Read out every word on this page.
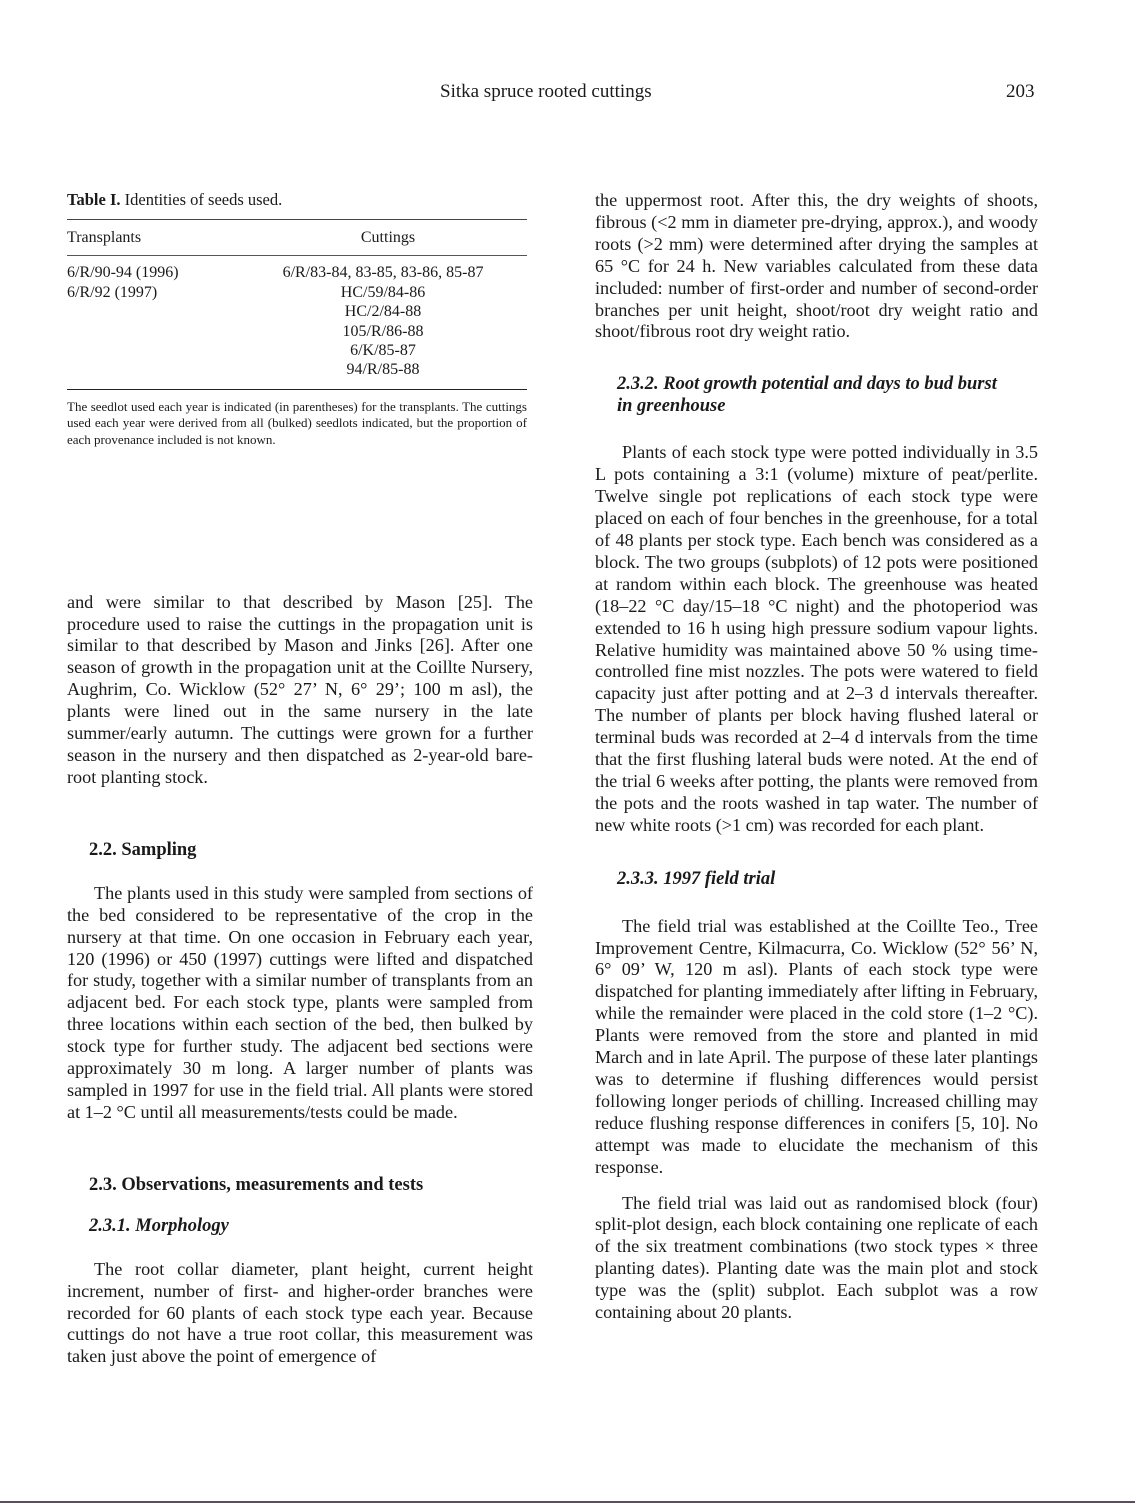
Sitka spruce rooted cuttings	203
Table I. Identities of seeds used.
Transplants	Cuttings
6/R/90-94 (1996)	6/R/83-84, 83-85, 83-86, 85-87
6/R/92 (1997)	HC/59/84-86
	HC/2/84-88
	105/R/86-88
	6/K/85-87
	94/R/85-88
The seedlot used each year is indicated (in parentheses) for the transplants. The cuttings used each year were derived from all (bulked) seedlots indicated, but the proportion of each provenance included is not known.

and were similar to that described by Mason [25]. The procedure used to raise the cuttings in the propagation unit is similar to that described by Mason and Jinks [26]. After one season of growth in the propagation unit at the Coillte Nursery, Aughrim, Co. Wicklow (52° 27’ N, 6° 29’; 100 m asl), the plants were lined out in the same nursery in the late summer/early autumn. The cuttings were grown for a further season in the nursery and then dispatched as 2-year-old bare-root planting stock.

2.2. Sampling

The plants used in this study were sampled from sections of the bed considered to be representative of the crop in the nursery at that time. On one occasion in February each year, 120 (1996) or 450 (1997) cuttings were lifted and dispatched for study, together with a similar number of transplants from an adjacent bed. For each stock type, plants were sampled from three locations within each section of the bed, then bulked by stock type for further study. The adjacent bed sections were approximately 30 m long. A larger number of plants was sampled in 1997 for use in the field trial. All plants were stored at 1–2 °C until all measurements/tests could be made.

2.3. Observations, measurements and tests
2.3.1. Morphology

The root collar diameter, plant height, current height increment, number of first- and higher-order branches were recorded for 60 plants of each stock type each year. Because cuttings do not have a true root collar, this measurement was taken just above the point of emergence of

the uppermost root. After this, the dry weights of shoots, fibrous (<2 mm in diameter pre-drying, approx.), and woody roots (>2 mm) were determined after drying the samples at 65 °C for 24 h. New variables calculated from these data included: number of first-order and number of second-order branches per unit height, shoot/root dry weight ratio and shoot/fibrous root dry weight ratio.

2.3.2. Root growth potential and days to bud burst
in greenhouse

Plants of each stock type were potted individually in 3.5 L pots containing a 3:1 (volume) mixture of peat/perlite. Twelve single pot replications of each stock type were placed on each of four benches in the greenhouse, for a total of 48 plants per stock type. Each bench was considered as a block. The two groups (subplots) of 12 pots were positioned at random within each block. The greenhouse was heated (18–22 °C day/15–18 °C night) and the photoperiod was extended to 16 h using high pressure sodium vapour lights. Relative humidity was maintained above 50 % using time-controlled fine mist nozzles. The pots were watered to field capacity just after potting and at 2–3 d intervals thereafter. The number of plants per block having flushed lateral or terminal buds was recorded at 2–4 d intervals from the time that the first flushing lateral buds were noted. At the end of the trial 6 weeks after potting, the plants were removed from the pots and the roots washed in tap water. The number of new white roots (>1 cm) was recorded for each plant.

2.3.3. 1997 field trial

The field trial was established at the Coillte Teo., Tree Improvement Centre, Kilmacurra, Co. Wicklow (52° 56’ N, 6° 09’ W, 120 m asl). Plants of each stock type were dispatched for planting immediately after lifting in February, while the remainder were placed in the cold store (1–2 °C). Plants were removed from the store and planted in mid March and in late April. The purpose of these later plantings was to determine if flushing differences would persist following longer periods of chilling. Increased chilling may reduce flushing response differences in conifers [5, 10]. No attempt was made to elucidate the mechanism of this response.

The field trial was laid out as randomised block (four) split-plot design, each block containing one replicate of each of the six treatment combinations (two stock types × three planting dates). Planting date was the main plot and stock type was the (split) subplot. Each subplot was a row containing about 20 plants.
